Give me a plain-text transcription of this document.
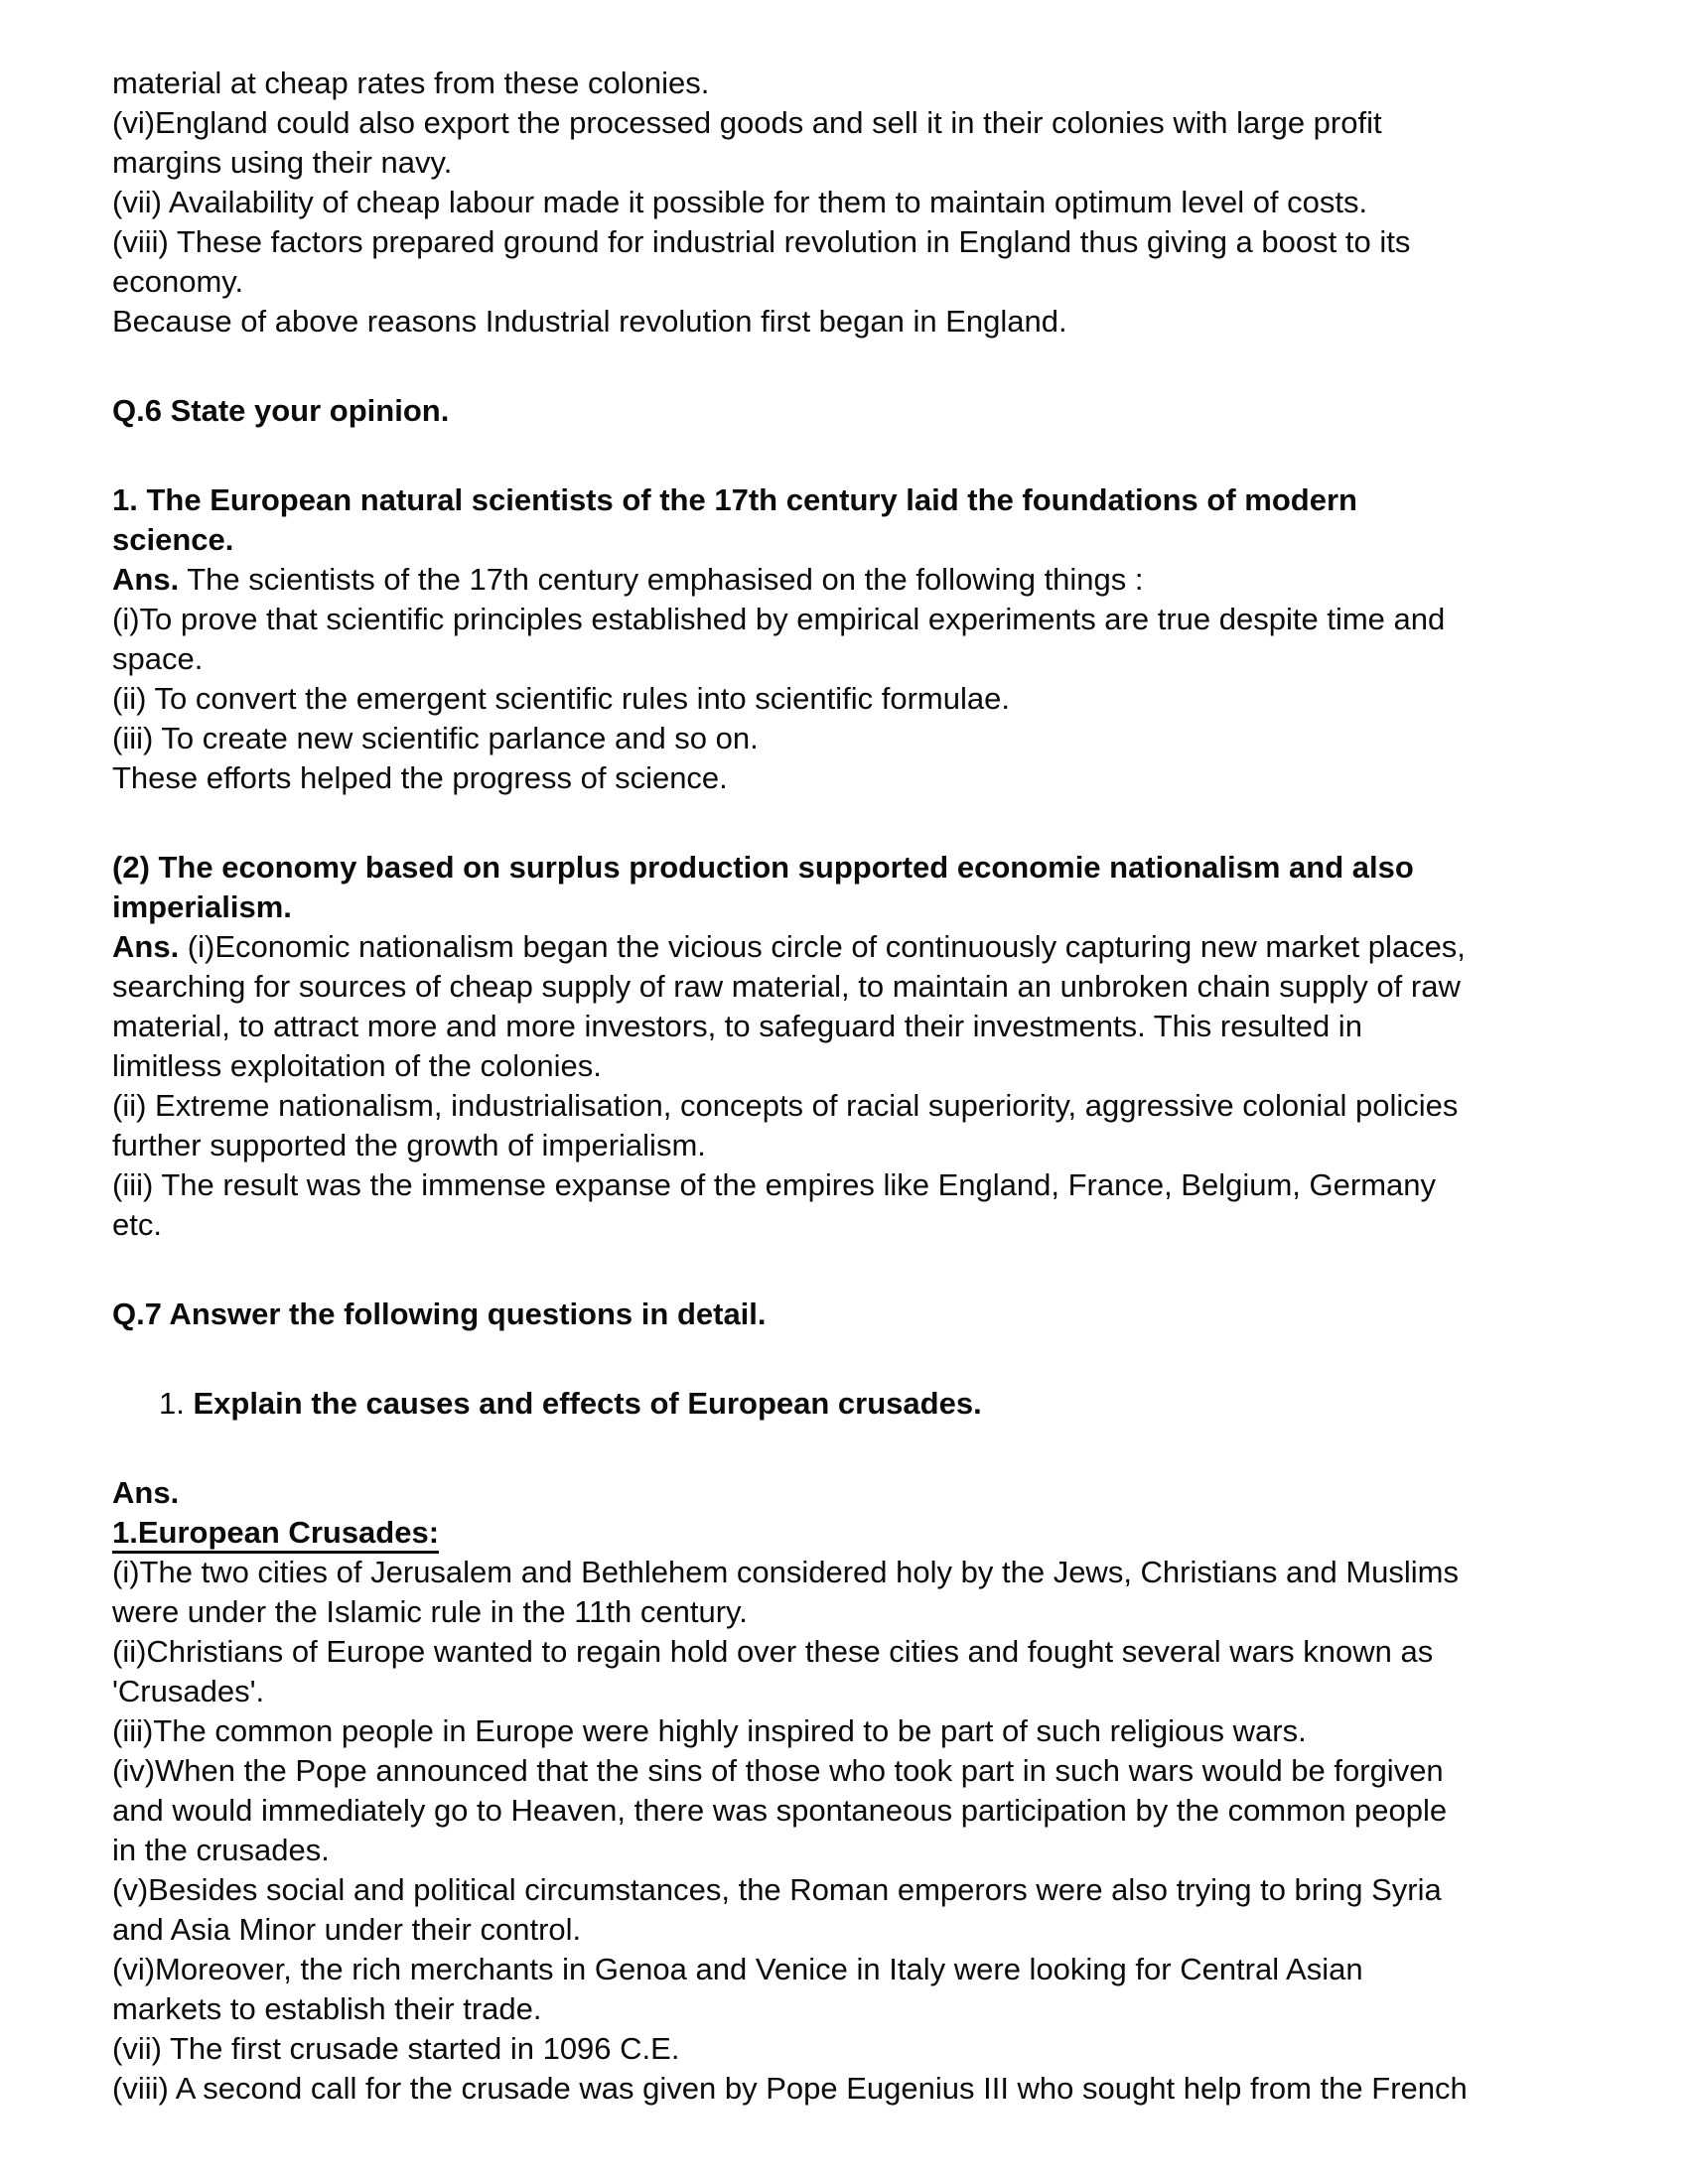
material at cheap rates from these colonies.
(vi)England could also export the processed goods and sell it in their colonies with large profit
margins using their navy.
(vii) Availability of cheap labour made it possible for them to maintain optimum level of costs.
(viii) These factors prepared ground for industrial revolution in England thus giving a boost to its
economy.
Because of above reasons Industrial revolution first began in England.
Q.6 State your opinion.
1. The European natural scientists of the 17th century laid the foundations of modern
science.
Ans. The scientists of the 17th century emphasised on the following things :
(i)To prove that scientific principles established by empirical experiments are true despite time and
space.
(ii) To convert the emergent scientific rules into scientific formulae.
(iii) To create new scientific parlance and so on.
These efforts helped the progress of science.
(2) The economy based on surplus production supported economie nationalism and also
imperialism.
Ans. (i)Economic nationalism began the vicious circle of continuously capturing new market places,
searching for sources of cheap supply of raw material, to maintain an unbroken chain supply of raw
material, to attract more and more investors, to safeguard their investments. This resulted in
limitless exploitation of the colonies.
(ii) Extreme nationalism, industrialisation, concepts of racial superiority, aggressive colonial policies
further supported the growth of imperialism.
(iii) The result was the immense expanse of the empires like England, France, Belgium, Germany
etc.
Q.7 Answer the following questions in detail.
1. Explain the causes and effects of European crusades.
Ans.
1.European Crusades:
(i)The two cities of Jerusalem and Bethlehem considered holy by the Jews, Christians and Muslims
were under the Islamic rule in the 11th century.
(ii)Christians of Europe wanted to regain hold over these cities and fought several wars known as
'Crusades'.
(iii)The common people in Europe were highly inspired to be part of such religious wars.
(iv)When the Pope announced that the sins of those who took part in such wars would be forgiven
and would immediately go to Heaven, there was spontaneous participation by the common people
in the crusades.
(v)Besides social and political circumstances, the Roman emperors were also trying to bring Syria
and Asia Minor under their control.
(vi)Moreover, the rich merchants in Genoa and Venice in Italy were looking for Central Asian
markets to establish their trade.
(vii) The first crusade started in 1096 C.E.
(viii) A second call for the crusade was given by Pope Eugenius III who sought help from the French
